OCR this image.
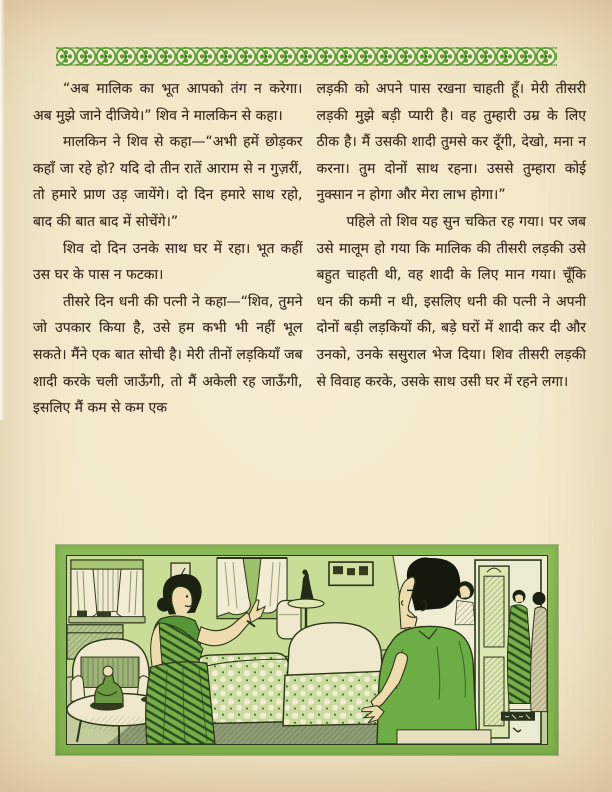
“अब मालिक का भूत आपको तंग न करेगा। अब मुझे जाने दीजिये।” शिव ने मालकिन से कहा।

मालकिन ने शिव से कहा—“अभी हमें छोड़कर कहाँ जा रहे हो? यदि दो तीन रातें आराम से न गुज़रीं, तो हमारे प्राण उड़ जायेंगे। दो दिन हमारे साथ रहो, बाद की बात बाद में सोचेंगे।”

शिव दो दिन उनके साथ घर में रहा। भूत कहीं उस घर के पास न फटका।

तीसरे दिन धनी की पत्नी ने कहा—“शिव, तुमने जो उपकार किया है, उसे हम कभी भी नहीं भूल सकते। मैंने एक बात सोची है। मेरी तीनों लड़कियाँ जब शादी करके चली जाऊँगी, तो मैं अकेली रह जाऊँगी, इसलिए मैं कम से कम एक

लड़की को अपने पास रखना चाहती हूँ। मेरी तीसरी लड़की मुझे बड़ी प्यारी है। वह तुम्हारी उम्र के लिए ठीक है। मैं उसकी शादी तुमसे कर दूँगी, देखो, मना न करना। तुम दोनों साथ रहना। उससे तुम्हारा कोई नुक्सान न होगा और मेरा लाभ होगा।”

पहिले तो शिव यह सुन चकित रह गया। पर जब उसे मालूम हो गया कि मालिक की तीसरी लड़की उसे बहुत चाहती थी, वह शादी के लिए मान गया। चूँकि धन की कमी न थी, इसलिए धनी की पत्नी ने अपनी दोनों बड़ी लड़कियों की, बड़े घरों में शादी कर दी और उनको, उनके ससुराल भेज दिया। शिव तीसरी लड़की से विवाह करके, उसके साथ उसी घर में रहने लगा।
